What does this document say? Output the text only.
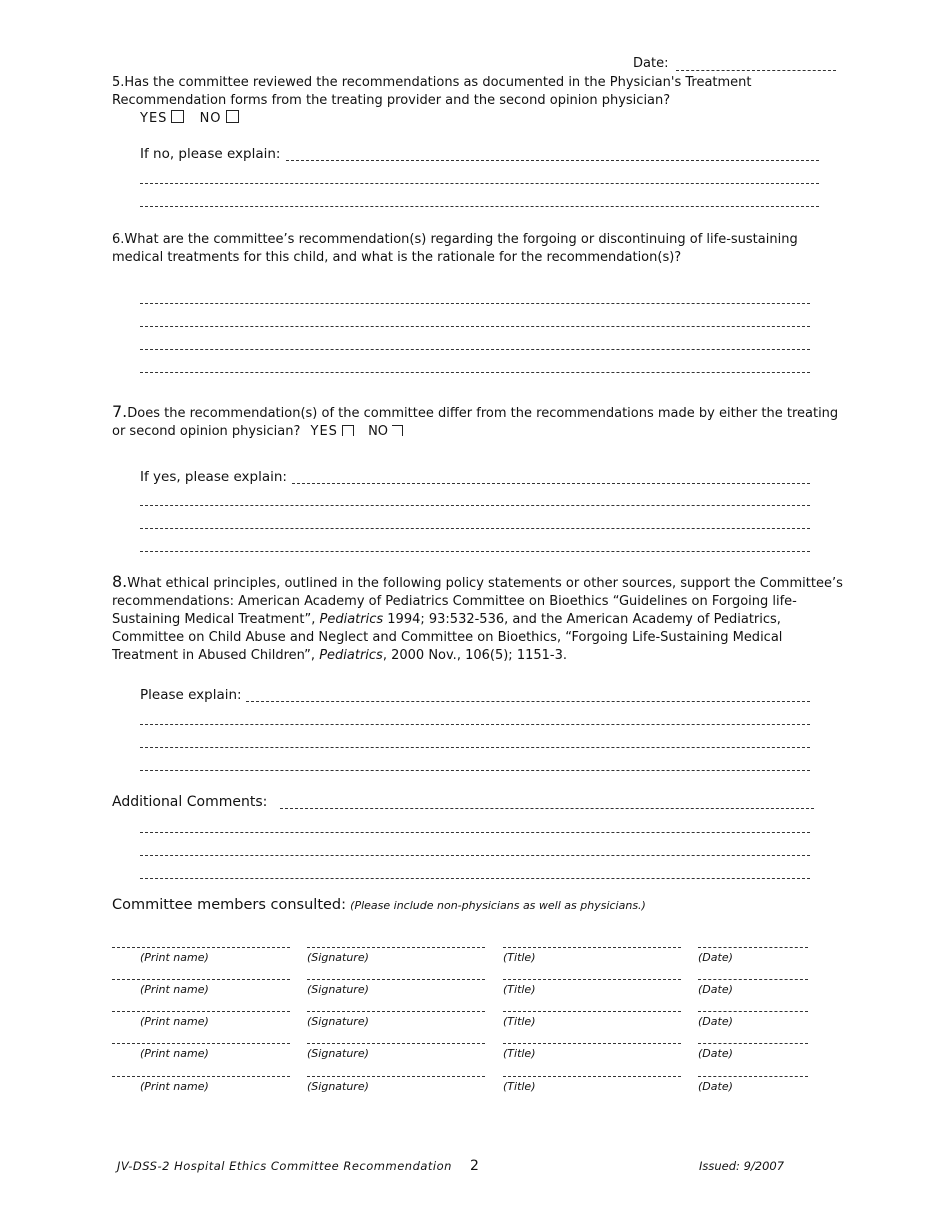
Date:
5.Has the committee reviewed the recommendations as documented in the Physician's Treatment Recommendation forms from the treating provider and the second opinion physician?
YES NO
If no, please explain:
6.What are the committee’s recommendation(s) regarding the forgoing or discontinuing of life-sustaining medical treatments for this child, and what is the rationale for the recommendation(s)?
7.Does the recommendation(s) of the committee differ from the recommendations made by either the treating or second opinion physician? YES NO
If yes, please explain:
8.What ethical principles, outlined in the following policy statements or other sources, support the Committee’s recommendations: American Academy of Pediatrics Committee on Bioethics “Guidelines on Forgoing life-Sustaining Medical Treatment”, Pediatrics 1994; 93:532-536, and the American Academy of Pediatrics, Committee on Child Abuse and Neglect and Committee on Bioethics, “Forgoing Life-Sustaining Medical Treatment in Abused Children”, Pediatrics, 2000 Nov., 106(5); 1151-3.
Please explain:
Additional Comments:
Committee members consulted: (Please include non-physicians as well as physicians.)
(Print name)	(Signature)	(Title)	(Date)
(Print name)	(Signature)	(Title)	(Date)
(Print name)	(Signature)	(Title)	(Date)
(Print name)	(Signature)	(Title)	(Date)
(Print name)	(Signature)	(Title)	(Date)
JV-DSS-2 Hospital Ethics Committee Recommendation 2	Issued: 9/2007
